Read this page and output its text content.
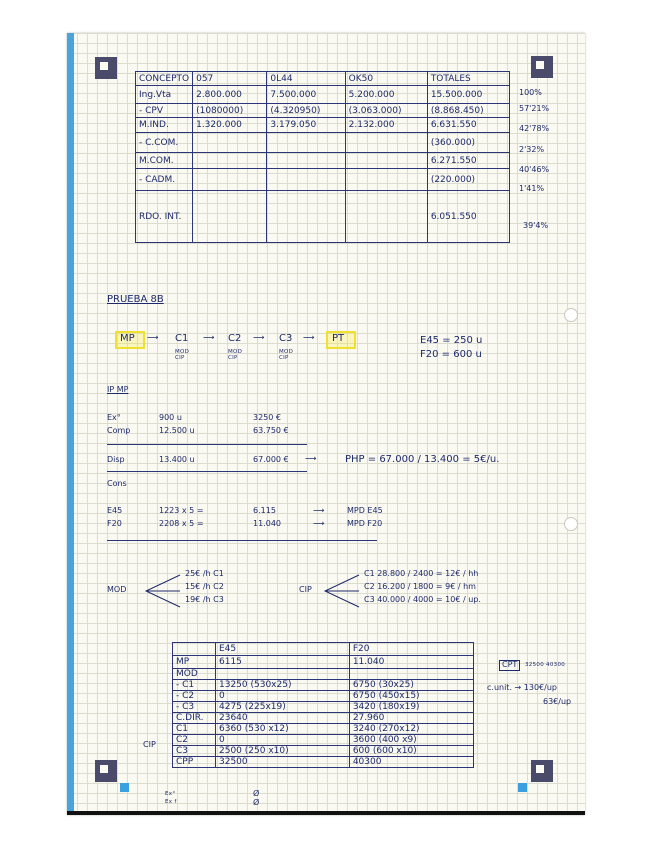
CONCEPTO	057	0L44	OK50	TOTALES
Ing.Vta	2.800.000	7.500.000	5.200.000	15.500.000
- CPV	(1080000)	(4.320950)	(3.063.000)	(8.868.450)
M.IND.	1.320.000	3.179.050	2.132.000	6.631.550
- C.COM.				(360.000)
M.COM.				6.271.550
- CADM.				(220.000)
RDO. INT.				6.051.550
100%
57'21%
42'78%
2'32%
40'46%
1'41%
39'4%
PRUEBA 8B
MP ⟶ C1 ⟶ C2 ⟶ C3 ⟶ PT
MOD CIP
MOD CIP
MOD CIP
E45 = 250 u
F20 = 600 u
IP MP
Ex°	900 u	3250 €
Comp	12.500 u	63.750 €
Disp	13.400 u	67.000 € ⟶	PHP = 67.000 / 13.400 = 5€/u.
Cons
E45	1223 x 5 =	6.115	⟶	MPD E45
F20	2208 x 5 =	11.040	⟶	MPD F20
MOD
25€ /h C1
15€ /h C2
19€ /h C3
CIP
C1 28.800 / 2400 = 12€ / hh
C2 16.200 / 1800 = 9€ / hm
C3 40.000 / 4000 = 10€ / up.
	E45	F20
MP	6115	11.040
MOD		
- C1	13250 (530x25)	6750 (30x25)
- C2	0	6750 (450x15)
- C3	4275 (225x19)	3420 (180x19)
C.DIR.	23640	27.960
C1	6360 (530 x12)	3240 (270x12)
C2	0	3600 (400 x9)
C3	2500 (250 x10)	600 (600 x10)
CPP	32500	40300
CIP
CPT	32500 40300
c.unit. → 130€/up
63€/up
Ex°
Ex f
Ø
Ø
